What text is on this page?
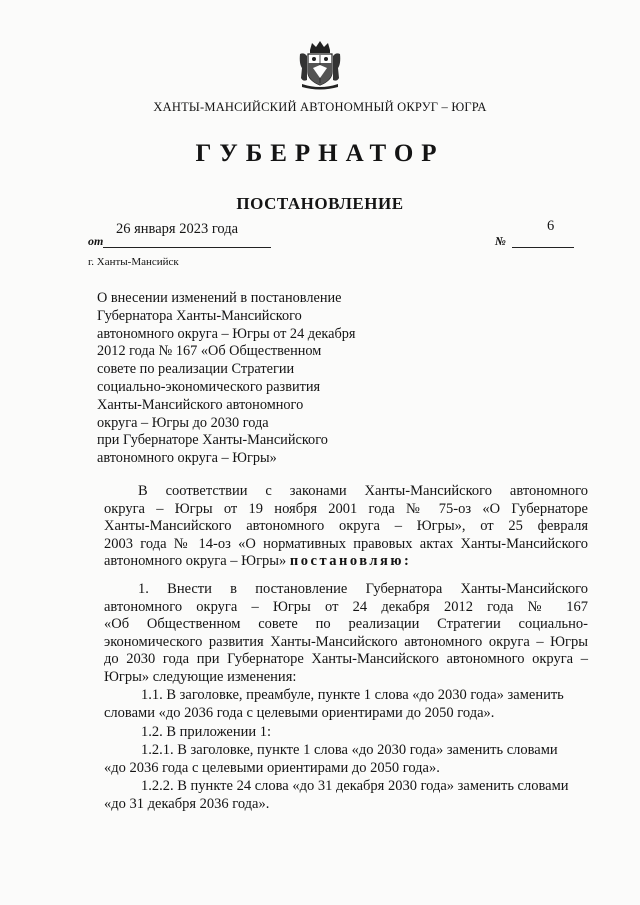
ХАНТЫ-МАНСИЙСКИЙ АВТОНОМНЫЙ ОКРУГ – ЮГРА
ГУБЕРНАТОР
ПОСТАНОВЛЕНИЕ
26 января 2023 года
от
6
№
г. Ханты-Мансийск
О внесении изменений в постановление
Губернатора Ханты-Мансийского
автономного округа – Югры от 24 декабря
2012 года № 167 «Об Общественном
совете по реализации Стратегии
социально-экономического развития
Ханты-Мансийского автономного
округа – Югры до 2030 года
при Губернаторе Ханты-Мансийского
автономного округа – Югры»
В соответствии с законами Ханты-Мансийского автономного
округа – Югры от 19 ноября 2001 года № 75-оз «О Губернаторе
Ханты-Мансийского автономного округа – Югры», от 25 февраля
2003 года № 14-оз «О нормативных правовых актах Ханты-Мансийского
автономного округа – Югры» постановляю:
1. Внести в постановление Губернатора Ханты-Мансийского
автономного округа – Югры от 24 декабря 2012 года № 167
«Об Общественном совете по реализации Стратегии социально-
экономического развития Ханты-Мансийского автономного округа – Югры
до 2030 года при Губернаторе Ханты-Мансийского автономного округа –
Югры» следующие изменения:
1.1. В заголовке, преамбуле, пункте 1 слова «до 2030 года» заменить
словами «до 2036 года с целевыми ориентирами до 2050 года».
1.2. В приложении 1:
1.2.1. В заголовке, пункте 1 слова «до 2030 года» заменить словами
«до 2036 года с целевыми ориентирами до 2050 года».
1.2.2. В пункте 24 слова «до 31 декабря 2030 года» заменить словами
«до 31 декабря 2036 года».
